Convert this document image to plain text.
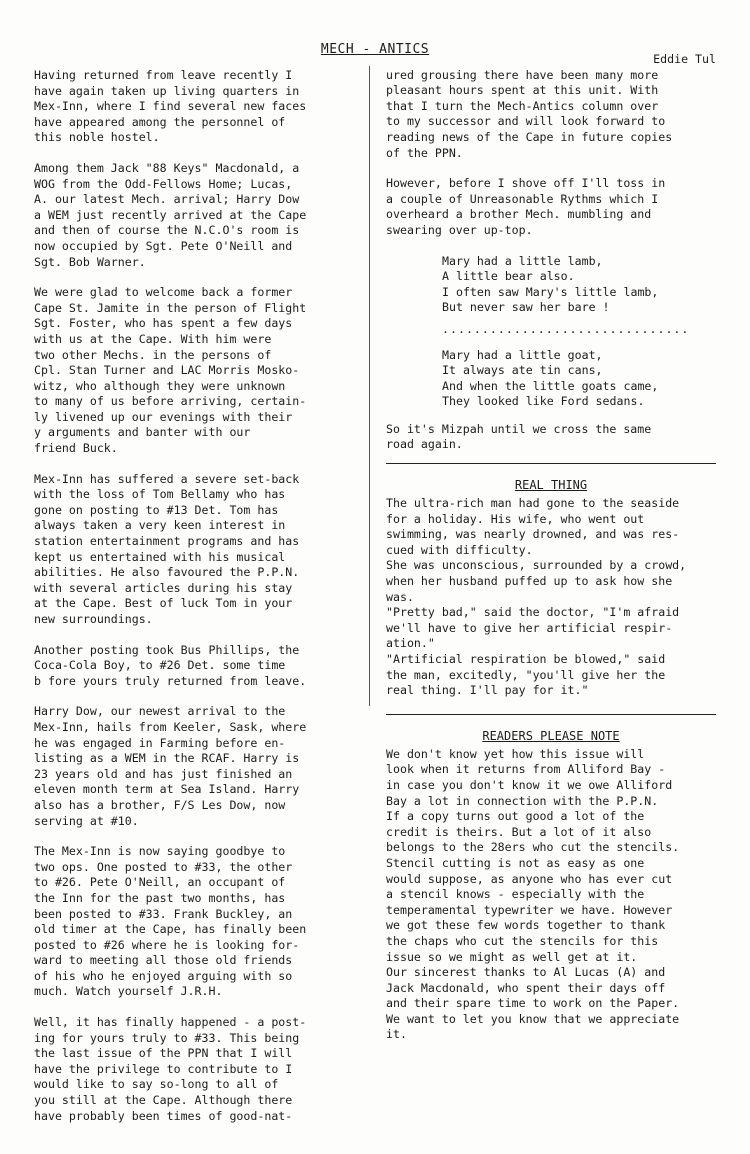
MECH - ANTICS

Having returned from leave recently I
have again taken up living quarters in
Mex-Inn, where I find several new faces
have appeared among the personnel of
this noble hostel.

Among them Jack "88 Keys" Macdonald, a
WOG from the Odd-Fellows Home; Lucas,
A. our latest Mech. arrival; Harry Dow
a WEM just recently arrived at the Cape
and then of course the N.C.O's room is
now occupied by Sgt. Pete O'Neill and
Sgt. Bob Warner.

We were glad to welcome back a former
Cape St. Jamite in the person of Flight
Sgt. Foster, who has spent a few days
with us at the Cape. With him were
two other Mechs. in the persons of
Cpl. Stan Turner and LAC Morris Mosko-
witz, who although they were unknown
to many of us before arriving, certain-
ly livened up our evenings with their
y arguments and banter with our
friend Buck.

Mex-Inn has suffered a severe set-back
with the loss of Tom Bellamy who has
gone on posting to #13 Det. Tom has
always taken a very keen interest in
station entertainment programs and has
kept us entertained with his musical
abilities. He also favoured the P.P.N.
with several articles during his stay
at the Cape. Best of luck Tom in your
new surroundings.

Another posting took Bus Phillips, the
Coca-Cola Boy, to #26 Det. some time
b fore yours truly returned from leave.

Harry Dow, our newest arrival to the
Mex-Inn, hails from Keeler, Sask, where
he was engaged in Farming before en-
listing as a WEM in the RCAF. Harry is
23 years old and has just finished an
eleven month term at Sea Island. Harry
also has a brother, F/S Les Dow, now
serving at #10.

The Mex-Inn is now saying goodbye to
two ops. One posted to #33, the other
to #26. Pete O'Neill, an occupant of
the Inn for the past two months, has
been posted to #33. Frank Buckley, an
old timer at the Cape, has finally been
posted to #26 where he is looking for-
ward to meeting all those old friends
of his who he enjoyed arguing with so
much. Watch yourself J.R.H.

Well, it has finally happened - a post-
ing for yours truly to #33. This being
the last issue of the PPN that I will
have the privilege to contribute to I
would like to say so-long to all of
you still at the Cape. Although there
have probably been times of good-nat-

Eddie Tul

ured grousing there have been many more
pleasant hours spent at this unit. With
that I turn the Mech-Antics column over
to my successor and will look forward to
reading news of the Cape in future copies
of the PPN.

However, before I shove off I'll toss in
a couple of Unreasonable Rythms which I
overheard a brother Mech. mumbling and
swearing over up-top.

Mary had a little lamb,
A little bear also.
I often saw Mary's little lamb,
But never saw her bare !
...............................
Mary had a little goat,
It always ate tin cans,
And when the little goats came,
They looked like Ford sedans.

So it's Mizpah until we cross the same
road again.

REAL THING

The ultra-rich man had gone to the seaside
for a holiday. His wife, who went out
swimming, was nearly drowned, and was res-
cued with difficulty.
She was unconscious, surrounded by a crowd,
when her husband puffed up to ask how she
was.
"Pretty bad," said the doctor, "I'm afraid
we'll have to give her artificial respir-
ation."
"Artificial respiration be blowed," said
the man, excitedly, "you'll give her the
real thing. I'll pay for it."

READERS PLEASE NOTE

We don't know yet how this issue will
look when it returns from Alliford Bay -
in case you don't know it we owe Alliford
Bay a lot in connection with the P.P.N.
If a copy turns out good a lot of the
credit is theirs. But a lot of it also
belongs to the 28ers who cut the stencils.
Stencil cutting is not as easy as one
would suppose, as anyone who has ever cut
a stencil knows - especially with the
temperamental typewriter we have. However
we got these few words together to thank
the chaps who cut the stencils for this
issue so we might as well get at it.
Our sincerest thanks to Al Lucas (A) and
Jack Macdonald, who spent their days off
and their spare time to work on the Paper.
We want to let you know that we appreciate
it.
